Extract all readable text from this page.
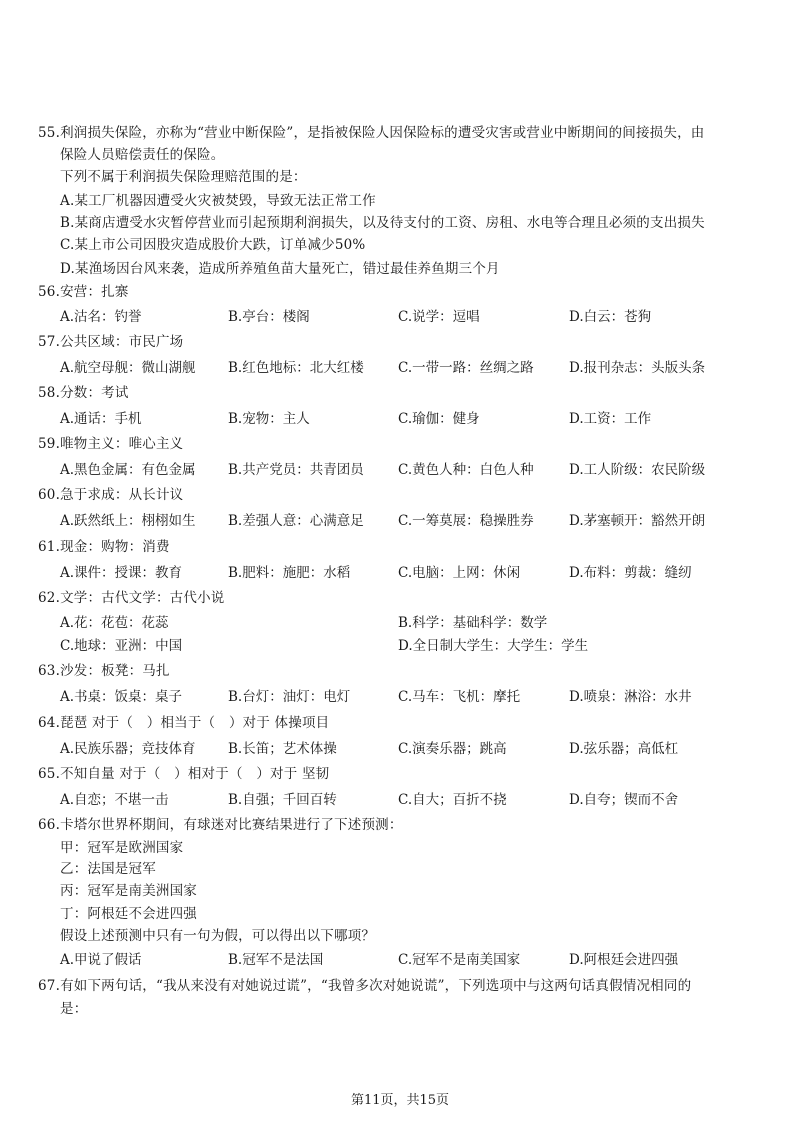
55.利润损失保险，亦称为“营业中断保险”，是指被保险人因保险标的遭受灾害或营业中断期间的间接损失，由
保险人员赔偿责任的保险。
下列不属于利润损失保险理赔范围的是：
A.某工厂机器因遭受火灾被焚毁，导致无法正常工作
B.某商店遭受水灾暂停营业而引起预期利润损失，以及待支付的工资、房租、水电等合理且必须的支出损失
C.某上市公司因股灾造成股价大跌，订单减少50%
D.某渔场因台风来袭，造成所养殖鱼苗大量死亡，错过最佳养鱼期三个月
56.安营：扎寨
A.沽名：钓誉	B.亭台：楼阁	C.说学：逗唱	D.白云：苍狗
57.公共区域：市民广场
A.航空母舰：微山湖舰 B.红色地标：北大红楼	C.一带一路：丝绸之路	D.报刊杂志：头版头条
58.分数：考试
A.通话：手机	B.宠物：主人	C.瑜伽：健身	D.工资：工作
59.唯物主义：唯心主义
A.黑色金属：有色金属 B.共产党员：共青团员	C.黄色人种：白色人种	D.工人阶级：农民阶级
60.急于求成：从长计议
A.跃然纸上：栩栩如生 B.差强人意：心满意足	C.一筹莫展：稳操胜券	D.茅塞顿开：豁然开朗
61.现金：购物：消费
A.课件：授课：教育	B.肥料：施肥：水稻	C.电脑：上网：休闲	D.布料：剪裁：缝纫
62.文学：古代文学：古代小说
A.花：花苞：花蕊	B.科学：基础科学：数学
C.地球：亚洲：中国	D.全日制大学生：大学生：学生
63.沙发：板凳：马扎
A.书桌：饭桌：桌子	B.台灯：油灯：电灯	C.马车：飞机：摩托	D.喷泉：淋浴：水井
64.琵琶 对于（　）相当于（　）对于 体操项目
A.民族乐器；竞技体育 B.长笛；艺术体操	C.演奏乐器；跳高	D.弦乐器；高低杠
65.不知自量 对于（　）相对于（　）对于 坚韧
A.自恋；不堪一击	B.自强；千回百转	C.自大；百折不挠	D.自夸；锲而不舍
66.卡塔尔世界杯期间，有球迷对比赛结果进行了下述预测：
甲：冠军是欧洲国家
乙：法国是冠军
丙：冠军是南美洲国家
丁：阿根廷不会进四强
假设上述预测中只有一句为假，可以得出以下哪项？
A.甲说了假话	B.冠军不是法国	C.冠军不是南美国家	D.阿根廷会进四强
67.有如下两句话，“我从来没有对她说过谎”，“我曾多次对她说谎”，下列选项中与这两句话真假情况相同的
是：
第11页，共15页
